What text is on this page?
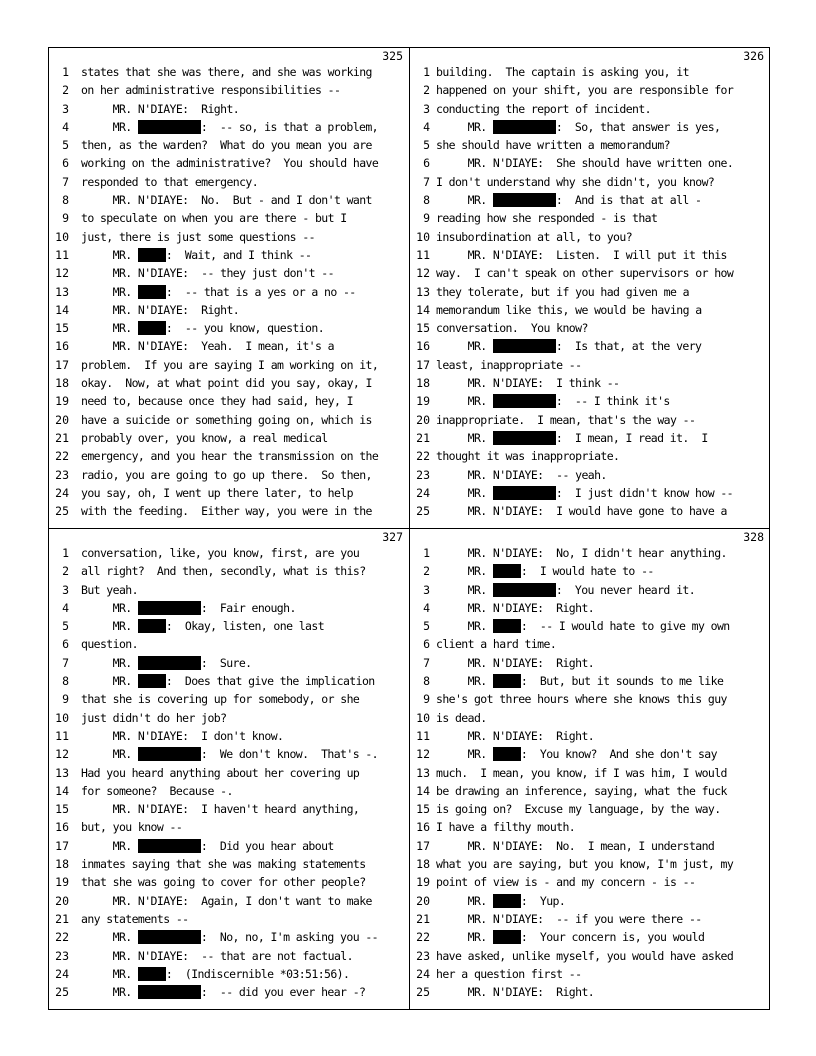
325
1 states that she was there, and she was working
2 on her administrative responsibilities --
3 MR. N'DIAYE:  Right.
4 MR.	:  -- so, is that a problem,
5 then, as the warden?  What do you mean you are
6 working on the administrative?  You should have
7 responded to that emergency.
8 MR. N'DIAYE:  No.  But - and I don't want
9 to speculate on when you are there - but I
10 just, there is just some questions --
11 MR. :  Wait, and I think --
12 MR. N'DIAYE:  -- they just don't --
13 MR. :  -- that is a yes or a no --
14 MR. N'DIAYE:  Right.
15 MR. :  -- you know, question.
16 MR. N'DIAYE:  Yeah.  I mean, it's a
17 problem.  If you are saying I am working on it,
18 okay.  Now, at what point did you say, okay, I
19 need to, because once they had said, hey, I
20 have a suicide or something going on, which is
21 probably over, you know, a real medical
22 emergency, and you hear the transmission on the
23 radio, you are going to go up there.  So then,
24 you say, oh, I went up there later, to help
25 with the feeding.  Either way, you were in the
326
1 building.  The captain is asking you, it
2 happened on your shift, you are responsible for
3 conducting the report of incident.
4 MR.	:  So, that answer is yes,
5 she should have written a memorandum?
6 MR. N'DIAYE:  She should have written one.
7 I don't understand why she didn't, you know?
8 MR.	:  And is that at all -
9 reading how she responded - is that
10 insubordination at all, to you?
11 MR. N'DIAYE:  Listen.  I will put it this
12 way.  I can't speak on other supervisors or how
13 they tolerate, but if you had given me a
14 memorandum like this, we would be having a
15 conversation.  You know?
16 MR.	:  Is that, at the very
17 least, inappropriate --
18 MR. N'DIAYE:  I think --
19 MR.	:  -- I think it's
20 inappropriate.  I mean, that's the way --
21 MR.	:  I mean, I read it.  I
22 thought it was inappropriate.
23 MR. N'DIAYE:  -- yeah.
24 MR.	:  I just didn't know how --
25 MR. N'DIAYE:  I would have gone to have a
327
1 conversation, like, you know, first, are you
2 all right?  And then, secondly, what is this?
3 But yeah.
4 MR.	:  Fair enough.
5 MR. :  Okay, listen, one last
6 question.
7 MR.	:  Sure.
8 MR. :  Does that give the implication
9 that she is covering up for somebody, or she
10 just didn't do her job?
11 MR. N'DIAYE:  I don't know.
12 MR.	:  We don't know.  That's -.
13 Had you heard anything about her covering up
14 for someone?  Because -.
15 MR. N'DIAYE:  I haven't heard anything,
16 but, you know --
17 MR.	:  Did you hear about
18 inmates saying that she was making statements
19 that she was going to cover for other people?
20 MR. N'DIAYE:  Again, I don't want to make
21 any statements --
22 MR.	:  No, no, I'm asking you --
23 MR. N'DIAYE:  -- that are not factual.
24 MR. :  (Indiscernible *03:51:56).
25 MR.	:  -- did you ever hear -?
328
1 MR. N'DIAYE:  No, I didn't hear anything.
2 MR. :  I would hate to --
3 MR.	:  You never heard it.
4 MR. N'DIAYE:  Right.
5 MR. :  -- I would hate to give my own
6 client a hard time.
7 MR. N'DIAYE:  Right.
8 MR. :  But, but it sounds to me like
9 she's got three hours where she knows this guy
10 is dead.
11 MR. N'DIAYE:  Right.
12 MR. :  You know?  And she don't say
13 much.  I mean, you know, if I was him, I would
14 be drawing an inference, saying, what the fuck
15 is going on?  Excuse my language, by the way.
16 I have a filthy mouth.
17 MR. N'DIAYE:  No.  I mean, I understand
18 what you are saying, but you know, I'm just, my
19 point of view is - and my concern - is --
20 MR. :  Yup.
21 MR. N'DIAYE:  -- if you were there --
22 MR. :  Your concern is, you would
23 have asked, unlike myself, you would have asked
24 her a question first --
25 MR. N'DIAYE:  Right.
